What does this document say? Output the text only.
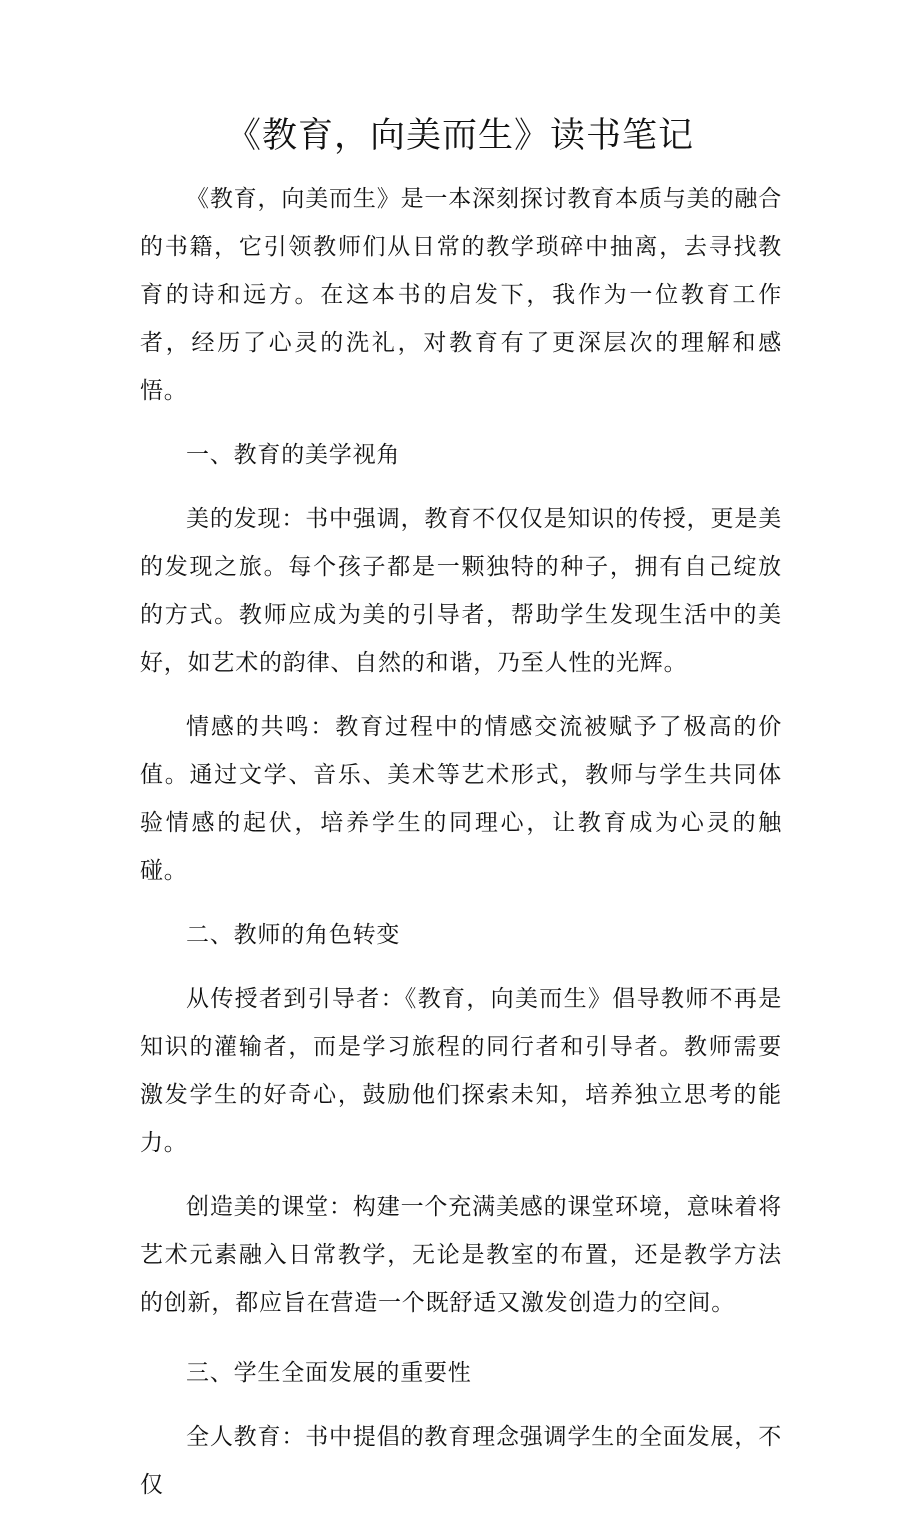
《教育，向美而生》读书笔记

《教育，向美而生》是一本深刻探讨教育本质与美的融合的书籍，它引领教师们从日常的教学琐碎中抽离，去寻找教育的诗和远方。在这本书的启发下，我作为一位教育工作者，经历了心灵的洗礼，对教育有了更深层次的理解和感悟。

一、教育的美学视角

美的发现：书中强调，教育不仅仅是知识的传授，更是美的发现之旅。每个孩子都是一颗独特的种子，拥有自己绽放的方式。教师应成为美的引导者，帮助学生发现生活中的美好，如艺术的韵律、自然的和谐，乃至人性的光辉。

情感的共鸣：教育过程中的情感交流被赋予了极高的价值。通过文学、音乐、美术等艺术形式，教师与学生共同体验情感的起伏，培养学生的同理心，让教育成为心灵的触碰。

二、教师的角色转变

从传授者到引导者：《教育，向美而生》倡导教师不再是知识的灌输者，而是学习旅程的同行者和引导者。教师需要激发学生的好奇心，鼓励他们探索未知，培养独立思考的能力。

创造美的课堂：构建一个充满美感的课堂环境，意味着将艺术元素融入日常教学，无论是教室的布置，还是教学方法的创新，都应旨在营造一个既舒适又激发创造力的空间。

三、学生全面发展的重要性

全人教育：书中提倡的教育理念强调学生的全面发展，不仅
